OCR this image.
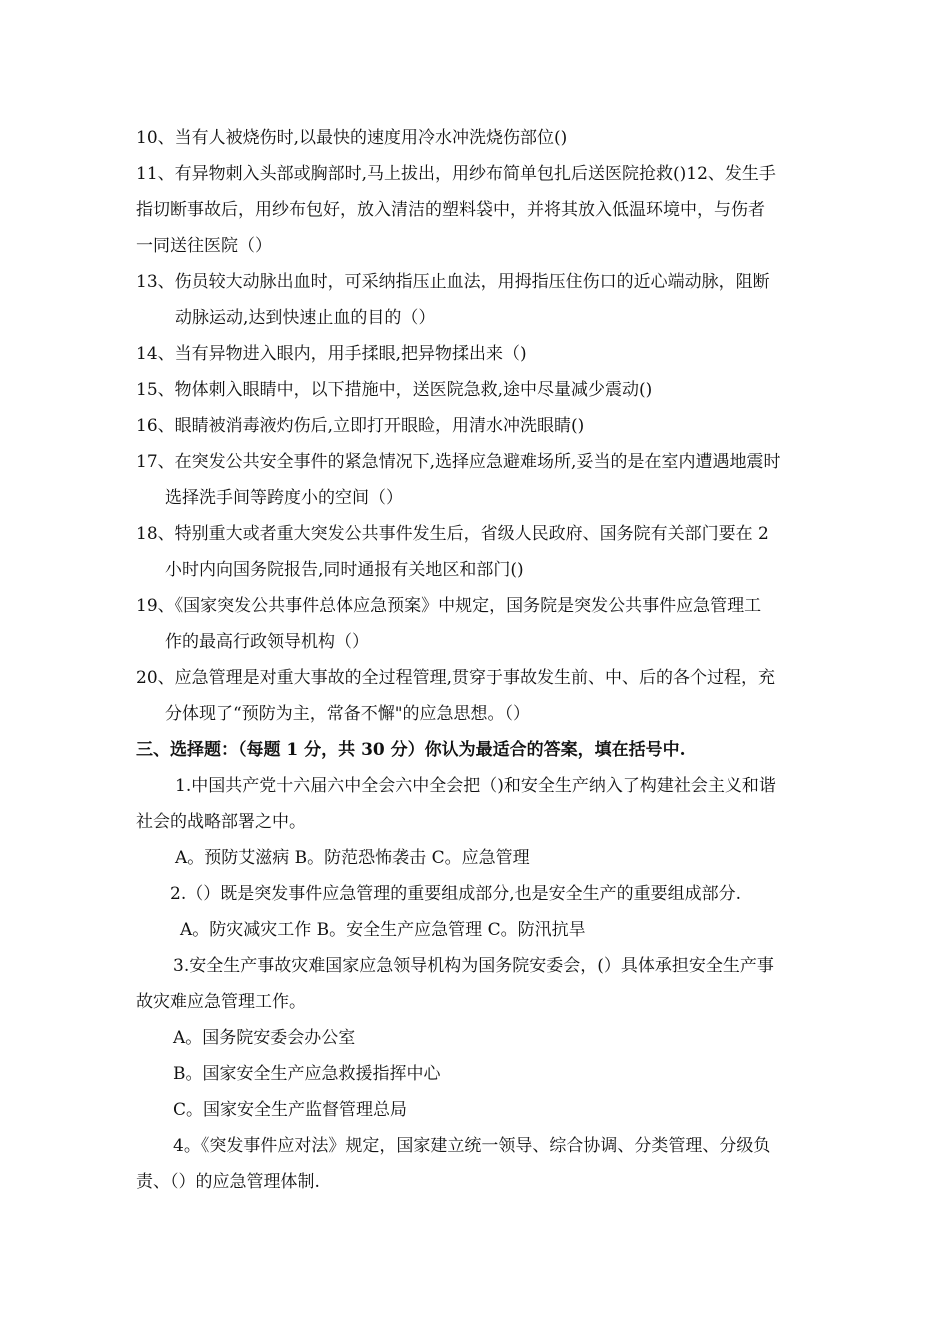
10、当有人被烧伤时,以最快的速度用冷水冲洗烧伤部位()
11、有异物刺入头部或胸部时,马上拔出，用纱布简单包扎后送医院抢救()12、发生手
指切断事故后，用纱布包好，放入清洁的塑料袋中，并将其放入低温环境中，与伤者
一同送往医院（）
13、伤员较大动脉出血时，可采纳指压止血法，用拇指压住伤口的近心端动脉，阻断
动脉运动,达到快速止血的目的（）
14、当有异物进入眼内，用手揉眼,把异物揉出来（)
15、物体刺入眼睛中，以下措施中，送医院急救,途中尽量减少震动()
16、眼睛被消毒液灼伤后,立即打开眼睑，用清水冲洗眼睛()
17、在突发公共安全事件的紧急情况下,选择应急避难场所,妥当的是在室内遭遇地震时
选择洗手间等跨度小的空间（）
18、特别重大或者重大突发公共事件发生后，省级人民政府、国务院有关部门要在 2
小时内向国务院报告,同时通报有关地区和部门()
19、《国家突发公共事件总体应急预案》中规定，国务院是突发公共事件应急管理工
作的最高行政领导机构（）
20、应急管理是对重大事故的全过程管理,贯穿于事故发生前、中、后的各个过程，充
分体现了“预防为主，常备不懈"的应急思想。（）
三、选择题：（每题 1 分，共 30 分）你认为最适合的答案，填在括号中.
1.中国共产党十六届六中全会六中全会把（)和安全生产纳入了构建社会主义和谐
社会的战略部署之中。
A。预防艾滋病 B。防范恐怖袭击 C。应急管理
2.（）既是突发事件应急管理的重要组成部分,也是安全生产的重要组成部分.
A。防灾减灾工作 B。安全生产应急管理 C。防汛抗旱
3.安全生产事故灾难国家应急领导机构为国务院安委会，(）具体承担安全生产事
故灾难应急管理工作。
A。国务院安委会办公室
B。国家安全生产应急救援指挥中心
C。国家安全生产监督管理总局
4。《突发事件应对法》规定，国家建立统一领导、综合协调、分类管理、分级负
责、（）的应急管理体制.
